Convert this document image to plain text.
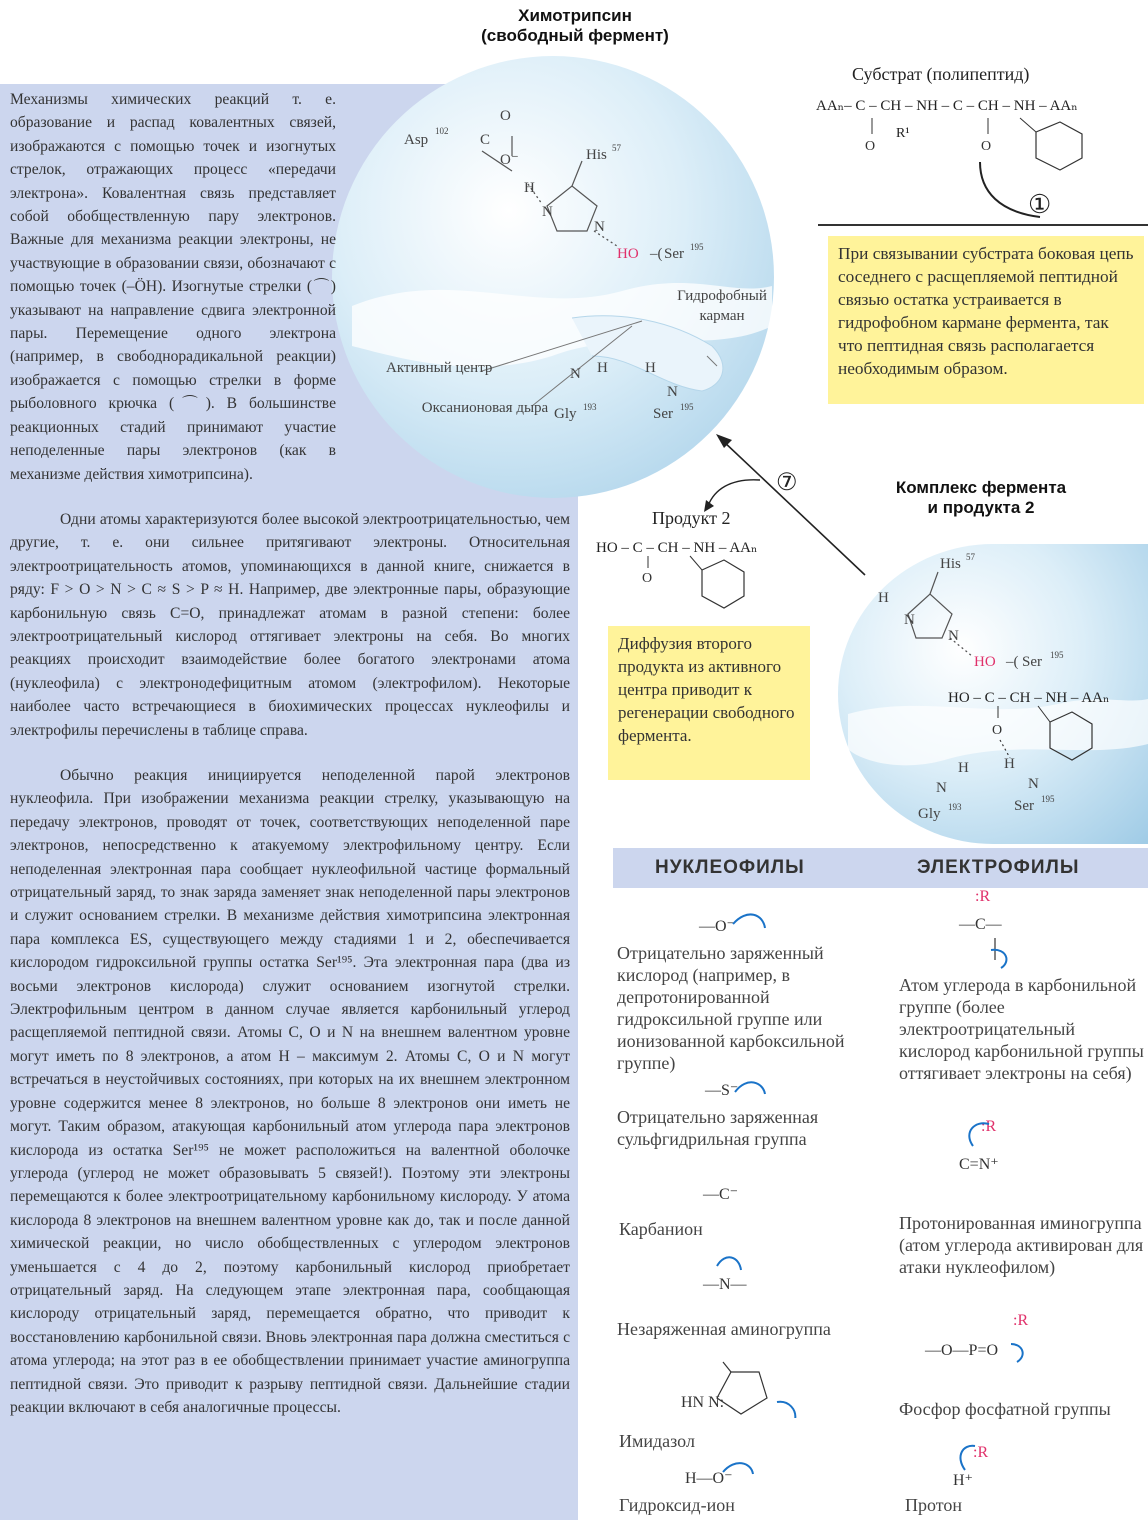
Химотрипсин
(свободный фермент)
Asp
102
C
O
O⁻
H
N
N
His 57
HO –( Ser 195
N H
Gly 193
H
N
Ser 195
Гидрофобный карман
Активный центр
Оксанионовая дыра
Субстрат (полипептид)
AAₙ– C – CH – NH – C – CH – NH – AAₙ
R¹
O	O
①
При связывании субстрата боковая цепь соседнего с расщепляемой пептидной связью остатка устраивается в гидрофобном кармане фермента, так что пептидная связь располагается необходимым образом.
⑦
Продукт 2
HO – C – CH – NH – AAₙ
O
Комплекс фермента
и продукта 2
H
N
N
His 57
HO –( Ser 195
O
H
N
Gly 193
H
N
Ser 195
HO – C – CH – NH – AAₙ
Диффузия второго продукта из активного центра приводит к регенерации свободного фермента.
Механизмы химических реакций т. е. образование и распад ковалентных связей, изображаются с помощью точек и изогнутых стрелок, отражающих процесс «передачи электрона». Ковалентная связь представляет собой обобществленную пару электронов. Важные для механизма реакции электроны, не участвующие в образовании связи, обозначают с помощью точек (–ÖH). Изогнутые стрелки (⌒) указывают на направление сдвига электронной пары. Перемещение одного электрона (например, в свободнорадикальной реакции) изображается с помощью стрелки в форме рыболовного крючка (⌒). В большинстве реакционных стадий принимают участие неподеленные пары электронов (как в механизме действия химотрипсина).
Одни атомы характеризуются более высокой электроотрицательностью, чем другие, т. е. они сильнее притягивают электроны. Относительная электроотрицательность атомов, упоминающихся в данной книге, снижается в ряду: F > O > N > C ≈ S > P ≈ H. Например, две электронные пары, образующие карбонильную связь C=O, принадлежат атомам в разной степени: более электроотрицательный кислород оттягивает электроны на себя. Во многих реакциях происходит взаимодействие более богатого электронами атома (нуклеофила) с электронодефицитным атомом (электрофилом). Некоторые наиболее часто встречающиеся в биохимических процессах нуклеофилы и электрофилы перечислены в таблице справа.
Обычно реакция инициируется неподеленной парой электронов нуклеофила. При изображении механизма реакции стрелку, указывающую на передачу электронов, проводят от точек, соответствующих неподеленной паре электронов, непосредственно к атакуемому электрофильному центру. Если неподеленная электронная пара сообщает нуклеофильной частице формальный отрицательный заряд, то знак заряда заменяет знак неподеленной пары электронов и служит основанием стрелки. В механизме действия химотрипсина электронная пара комплекса ES, существующего между стадиями 1 и 2, обеспечивается кислородом гидроксильной группы остатка Ser¹⁹⁵. Эта электронная пара (два из восьми электронов кислорода) служит основанием изогнутой стрелки. Электрофильным центром в данном случае является карбонильный углерод расщепляемой пептидной связи. Атомы C, O и N на внешнем валентном уровне могут иметь по 8 электронов, а атом H – максимум 2. Атомы C, O и N могут встречаться в неустойчивых состояниях, при которых на их внешнем электронном уровне содержится менее 8 электронов, но больше 8 электронов они иметь не могут. Таким образом, атакующая карбонильный атом углерода пара электронов кислорода из остатка Ser¹⁹⁵ не может расположиться на валентной оболочке углерода (углерод не может образовывать 5 связей!). Поэтому эти электроны перемещаются к более электроотрицательному карбонильному кислороду. У атома кислорода 8 электронов на внешнем валентном уровне как до, так и после данной химической реакции, но число обобществленных с углеродом электронов уменьшается с 4 до 2, поэтому карбонильный кислород приобретает отрицательный заряд. На следующем этапе электронная пара, сообщающая кислороду отрицательный заряд, перемещается обратно, что приводит к восстановлению карбонильной связи. Вновь электронная пара должна сместиться с атома углерода; на этот раз в ее обобществлении принимает участие аминогруппа пептидной связи. Это приводит к разрыву пептидной связи. Дальнейшие стадии реакции включают в себя аналогичные процессы.
НУКЛЕОФИЛЫ	ЭЛЕКТРОФИЛЫ
—O⁻
Отрицательно заряженный кислород (например, в депротонированной гидроксильной группе или ионизованной карбоксильной группе)
—S⁻
Отрицательно заряженная сульфгидрильная группа
—C⁻
Карбанион
—N—
Незаряженная аминогруппа
HN N:
Имидазол
H—O⁻
Гидроксид-ион
:R
—C—
Атом углерода в карбонильной группе (более электроотрицательный кислород карбонильной группы оттягивает электроны на себя)
:R
C=N⁺
Протонированная иминогруппа (атом углерода активирован для атаки нуклеофилом)
:R
—O—P=O
Фосфор фосфатной группы
:R
H⁺
Протон
